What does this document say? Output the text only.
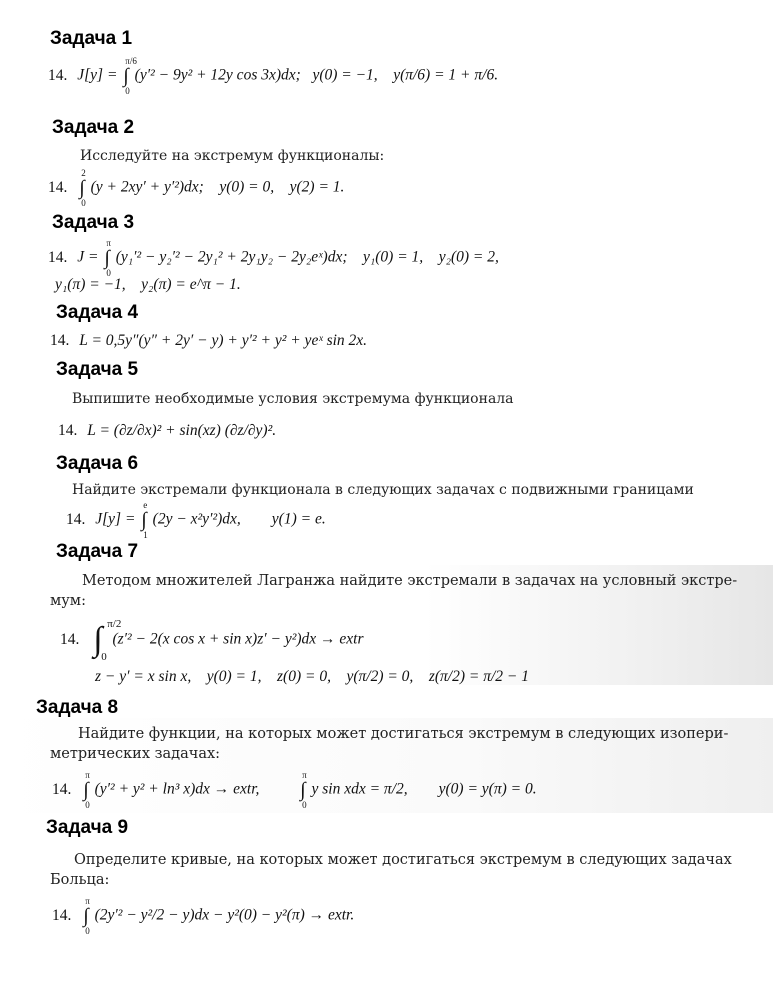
Задача 1
14. J[y] = ∫
π/6
0
(y′² − 9y² + 12y cos 3x)dx; y(0) = −1, y(π/6) = 1 + π/6.
Задача 2
Исследуйте на экстремум функционалы:
14. ∫
2
0
(y + 2xy′ + y′²)dx; y(0) = 0, y(2) = 1.
Задача 3
14. J = ∫
π
0
(y₁′² − y₂′² − 2y₁² + 2y₁y₂ − 2y₂eˣ)dx; y₁(0) = 1, y₂(0) = 2,
y₁(π) = −1, y₂(π) = e^π − 1.
Задача 4
14. L = 0,5y″(y″ + 2y′ − y) + y′² + y² + yeˣ sin 2x.
Задача 5
Выпишите необходимые условия экстремума функционала
14. L = (∂z/∂x)² + sin(xz) (∂z/∂y)².
Задача 6
Найдите экстремали функционала в следующих задачах с подвижными границами
14. J[y] = ∫
e
1
(2y − x²y′²)dx, y(1) = e.
Задача 7
Методом множителей Лагранжа найдите экстремали в задачах на условный экстре-
мум:
14. ∫ π/2
0
(z′² − 2(x cos x + sin x)z′ − y²)dx → extr
z − y′ = x sin x, y(0) = 1, z(0) = 0, y(π/2) = 0, z(π/2) = π/2 − 1
Задача 8
Найдите функции, на которых может достигаться экстремум в следующих изопери-
метрических задачах:
14. ∫
π
0
(y′² + y² + ln³ x)dx → extr, ∫
π
0
y sin xdx = π/2, y(0) = y(π) = 0.
Задача 9
Определите кривые, на которых может достигаться экстремум в следующих задачах
Больца:
14. ∫
π
0
(2y′² − y²/2 − y)dx − y²(0) − y²(π) → extr.
